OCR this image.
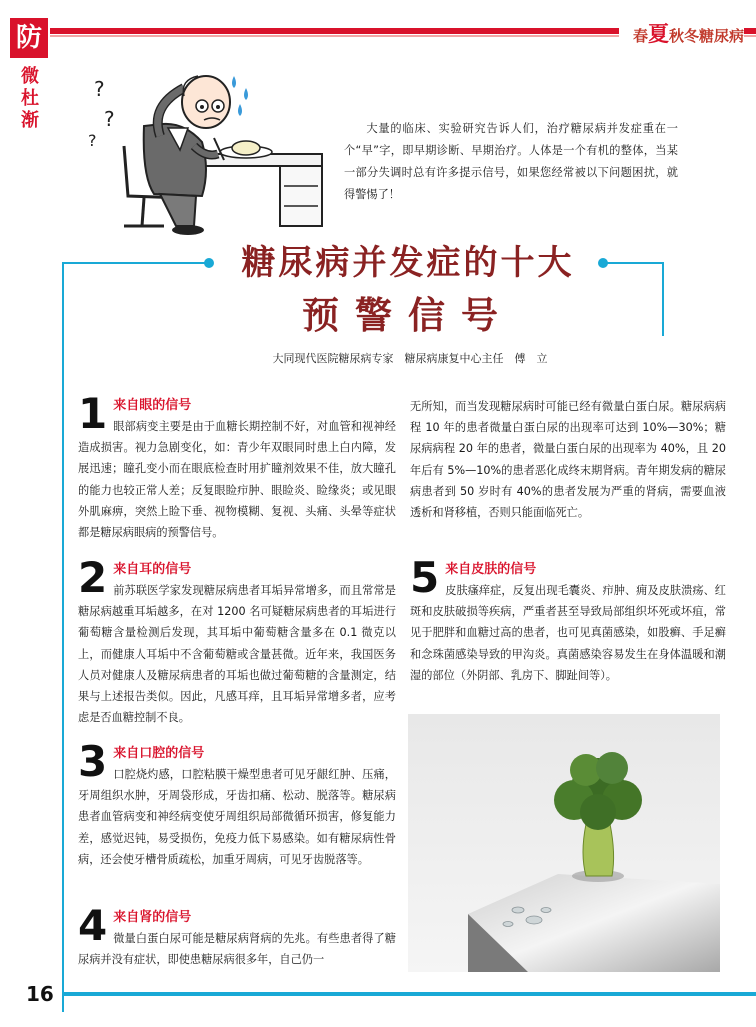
防
微杜渐
春夏秋冬糖尿病
?
?
?
大量的临床、实验研究告诉人们，治疗糖尿病并发症重在一个“早”字，即早期诊断、早期治疗。人体是一个有机的整体，当某一部分失调时总有许多提示信号，如果您经常被以下问题困扰，就得警惕了！
糖尿病并发症的十大
预警信号
大同现代医院糖尿病专家　糖尿病康复中心主任　傅　立
1 来自眼的信号
眼部病变主要是由于血糖长期控制不好，对血管和视神经造成损害。视力急剧变化，如：青少年双眼同时患上白内障，发展迅速；瞳孔变小而在眼底检查时用扩瞳剂效果不佳，放大瞳孔的能力也较正常人差；反复眼睑疖肿、眼睑炎、睑缘炎；或见眼外肌麻痹，突然上睑下垂、视物模糊、复视、头痛、头晕等症状都是糖尿病眼病的预警信号。
2 来自耳的信号
前苏联医学家发现糖尿病患者耳垢异常增多，而且常常是糖尿病越重耳垢越多，在对 1200 名可疑糖尿病患者的耳垢进行葡萄糖含量检测后发现，其耳垢中葡萄糖含量多在 0.1 微克以上，而健康人耳垢中不含葡萄糖或含量甚微。近年来，我国医务人员对健康人及糖尿病患者的耳垢也做过葡萄糖的含量测定，结果与上述报告类似。因此，凡感耳痒，且耳垢异常增多者，应考虑是否血糖控制不良。
3 来自口腔的信号
口腔烧灼感，口腔粘膜干燥型患者可见牙龈红肿、压痛，牙周组织水肿，牙周袋形成，牙齿扣痛、松动、脱落等。糖尿病患者血管病变和神经病变使牙周组织局部微循环损害，修复能力差，感觉迟钝，易受损伤，免疫力低下易感染。如有糖尿病性骨病，还会使牙槽骨质疏松，加重牙周病，可见牙齿脱落等。
4 来自肾的信号
微量白蛋白尿可能是糖尿病肾病的先兆。有些患者得了糖尿病并没有症状，即使患糖尿病很多年，自己仍一
无所知，而当发现糖尿病时可能已经有微量白蛋白尿。糖尿病病程 10 年的患者微量白蛋白尿的出现率可达到 10%—30%；糖尿病病程 20 年的患者，微量白蛋白尿的出现率为 40%，且 20 年后有 5%—10%的患者恶化成终末期肾病。青年期发病的糖尿病患者到 50 岁时有 40%的患者发展为严重的肾病，需要血液透析和肾移植，否则只能面临死亡。
5 来自皮肤的信号
皮肤瘙痒症，反复出现毛囊炎、疖肿、痈及皮肤溃疡、红斑和皮肤破损等疾病，严重者甚至导致局部组织坏死或坏疽，常见于肥胖和血糖过高的患者，也可见真菌感染，如股癣、手足癣和念珠菌感染导致的甲沟炎。真菌感染容易发生在身体温暖和潮湿的部位（外阴部、乳房下、脚趾间等）。
16
